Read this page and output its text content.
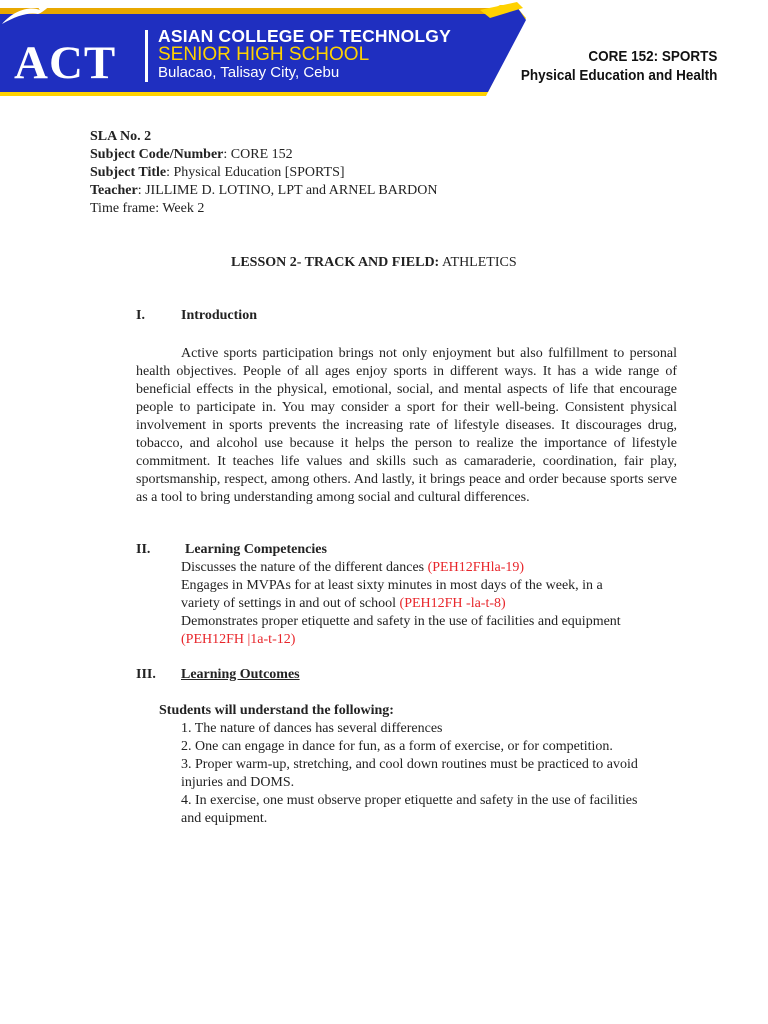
ACT
ASIAN COLLEGE OF TECHNOLGY
SENIOR HIGH SCHOOL
Bulacao, Talisay City, Cebu
CORE 152: SPORTS
Physical Education and Health
SLA No. 2
Subject Code/Number: CORE 152
Subject Title: Physical Education [SPORTS]
Teacher: JILLIME D. LOTINO, LPT and ARNEL BARDON
Time frame: Week 2
LESSON 2- TRACK AND FIELD: ATHLETICS
I.	Introduction

Active sports participation brings not only enjoyment but also fulfillment to personal health objectives. People of all ages enjoy sports in different ways. It has a wide range of beneficial effects in the physical, emotional, social, and mental aspects of life that encourage people to participate in. You may consider a sport for their well-being. Consistent physical involvement in sports prevents the increasing rate of lifestyle diseases. It discourages drug, tobacco, and alcohol use because it helps the person to realize the importance of lifestyle commitment. It teaches life values and skills such as camaraderie, coordination, fair play, sportsmanship, respect, among others. And lastly, it brings peace and order because sports serve as a tool to bring understanding among social and cultural differences.

II. Learning Competencies
Discusses the nature of the different dances (PEH12FHla-19)
Engages in MVPAs for at least sixty minutes in most days of the week, in a
variety of settings in and out of school (PEH12FH -la-t-8)
Demonstrates proper etiquette and safety in the use of facilities and equipment
(PEH12FH |1a-t-12)
III. Learning Outcomes
Students will understand the following:
1. The nature of dances has several differences
2. One can engage in dance for fun, as a form of exercise, or for competition.
3. Proper warm-up, stretching, and cool down routines must be practiced to avoid
injuries and DOMS.
4. In exercise, one must observe proper etiquette and safety in the use of facilities
and equipment.
